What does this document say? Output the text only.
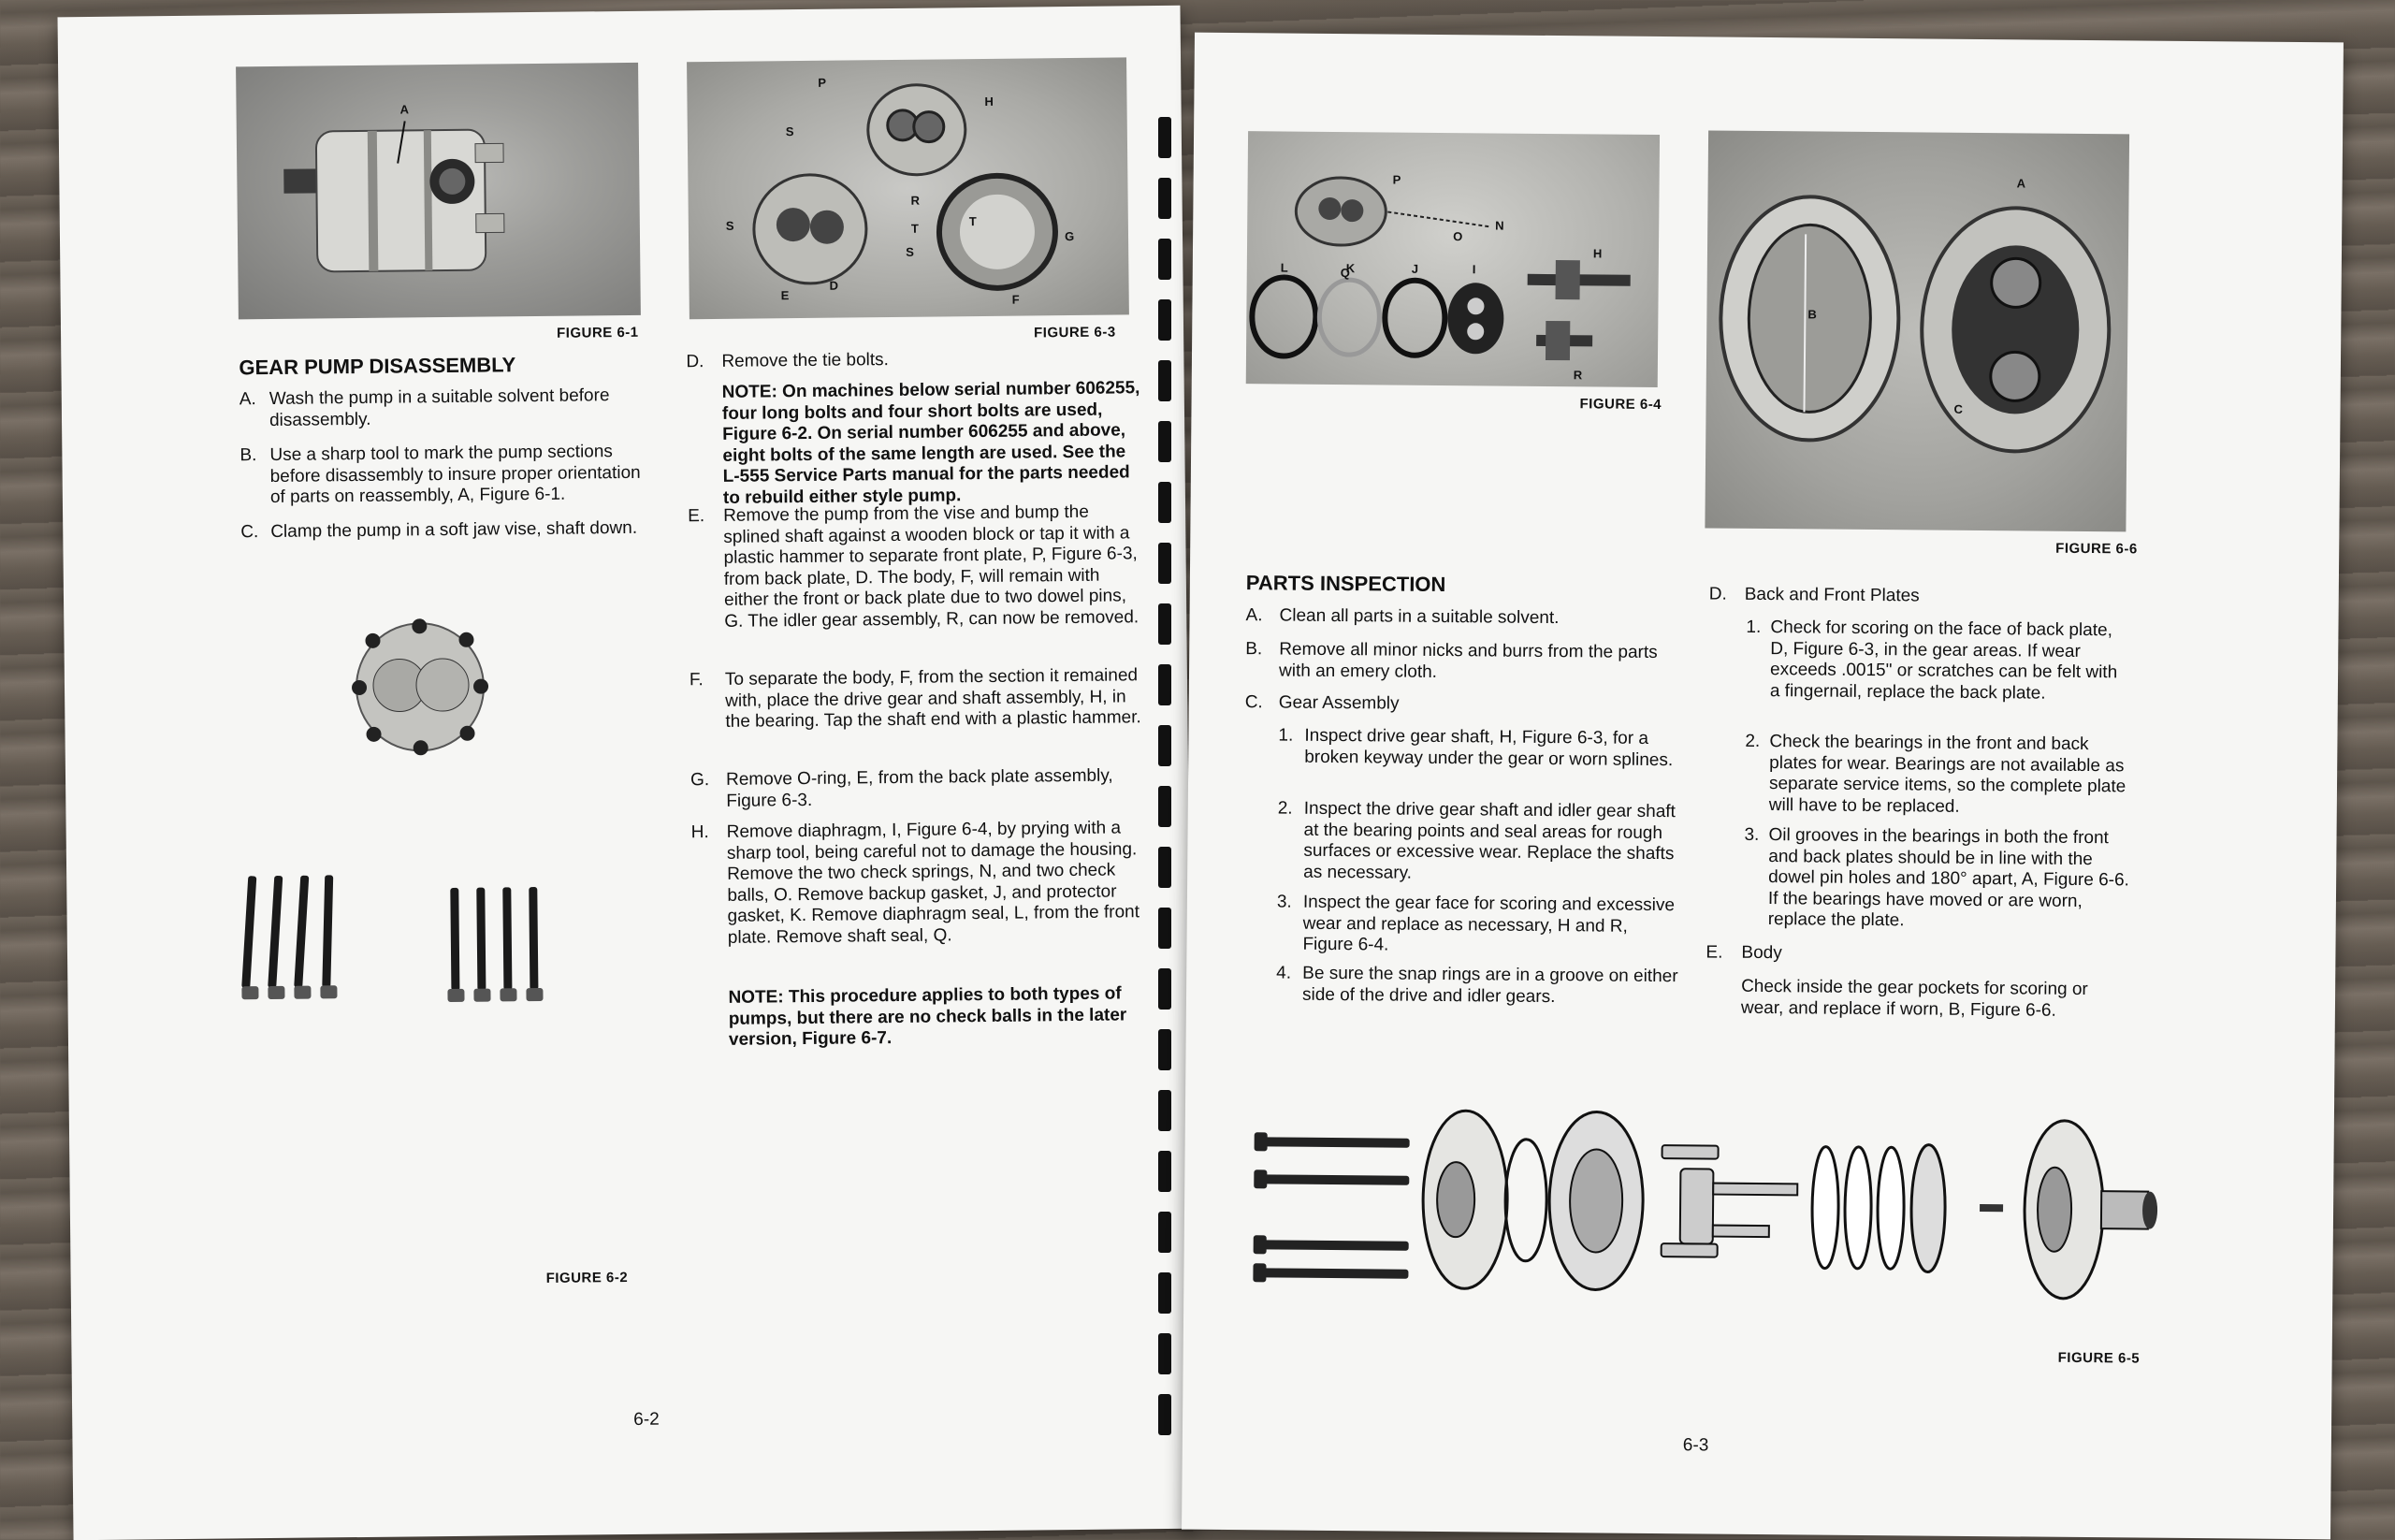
A
FIGURE 6-1
P
H
S
R
S	T
T
G
S
E
D
F
FIGURE 6-3
GEAR PUMP DISASSEMBLY
A. Wash the pump in a suitable solvent before disassembly.
B. Use a sharp tool to mark the pump sections before disassembly to insure proper orientation of parts on reassembly, A, Figure 6-1.
C. Clamp the pump in a soft jaw vise, shaft down.
FIGURE 6-2
D. Remove the tie bolts.
NOTE: On machines below serial number 606255, four long bolts and four short bolts are used, Figure 6-2. On serial number 606255 and above, eight bolts of the same length are used. See the L-555 Service Parts manual for the parts needed to rebuild either style pump.
E. Remove the pump from the vise and bump the splined shaft against a wooden block or tap it with a plastic hammer to separate front plate, P, Figure 6-3, from back plate, D. The body, F, will remain with either the front or back plate due to two dowel pins, G. The idler gear assembly, R, can now be removed.
F. To separate the body, F, from the section it remained with, place the drive gear and shaft assembly, H, in the bearing. Tap the shaft end with a plastic hammer.
G. Remove O-ring, E, from the back plate assembly, Figure 6-3.
H. Remove diaphragm, I, Figure 6-4, by prying with a sharp tool, being careful not to damage the housing. Remove the two check springs, N, and two check balls, O. Remove backup gasket, J, and protector gasket, K. Remove diaphragm seal, L, from the front plate. Remove shaft seal, Q.
NOTE: This procedure applies to both types of pumps, but there are no check balls in the later version, Figure 6-7.
6-2
P
O
N
Q
L	K	J	I
H
R
FIGURE 6-4
A
B
C
FIGURE 6-6
PARTS INSPECTION
A. Clean all parts in a suitable solvent.
B. Remove all minor nicks and burrs from the parts with an emery cloth.
C. Gear Assembly
1. Inspect drive gear shaft, H, Figure 6-3, for a broken keyway under the gear or worn splines.
2. Inspect the drive gear shaft and idler gear shaft at the bearing points and seal areas for rough surfaces or excessive wear. Replace the shafts as necessary.
3. Inspect the gear face for scoring and excessive wear and replace as necessary, H and R, Figure 6-4.
4. Be sure the snap rings are in a groove on either side of the drive and idler gears.
D. Back and Front Plates
1. Check for scoring on the face of back plate, D, Figure 6-3, in the gear areas. If wear exceeds .0015" or scratches can be felt with a fingernail, replace the back plate.
2. Check the bearings in the front and back plates for wear. Bearings are not available as separate service items, so the complete plate will have to be replaced.
3. Oil grooves in the bearings in both the front and back plates should be in line with the dowel pin holes and 180° apart, A, Figure 6-6. If the bearings have moved or are worn, replace the plate.
E. Body
Check inside the gear pockets for scoring or wear, and replace if worn, B, Figure 6-6.
FIGURE 6-5
6-3
